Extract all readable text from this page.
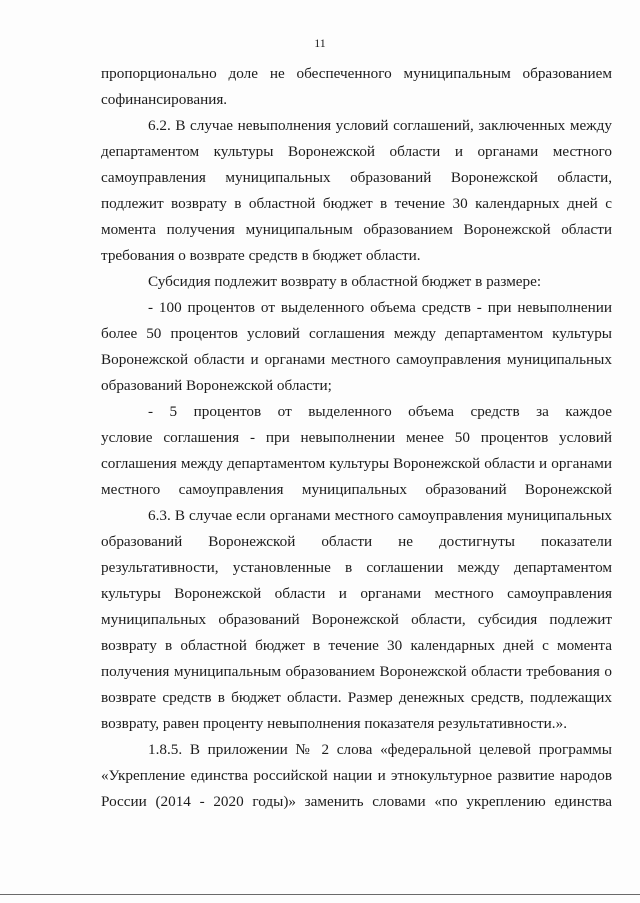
11
пропорционально доле не обеспеченного муниципальным образованием
софинансирования.
6.2. В случае невыполнения условий соглашений, заключенных между
департаментом культуры Воронежской области и органами местного
самоуправления муниципальных образований Воронежской области,
подлежит возврату в областной бюджет в течение 30 календарных дней с
момента получения муниципальным образованием Воронежской области
требования о возврате средств в бюджет области.
Субсидия подлежит возврату в областной бюджет в размере:
- 100 процентов от выделенного объема средств - при невыполнении
более 50 процентов условий соглашения между департаментом культуры
Воронежской области и органами местного самоуправления муниципальных
образований Воронежской области;
- 5 процентов от выделенного объема средств за каждое
условие соглашения - при невыполнении менее 50 процентов условий
соглашения между департаментом культуры Воронежской области и органами
местного самоуправления муниципальных образований Воронежской
6.3. В случае если органами местного самоуправления муниципальных
образований Воронежской области не достигнуты показатели
результативности, установленные в соглашении между департаментом
культуры Воронежской области и органами местного самоуправления
муниципальных образований Воронежской области, субсидия подлежит
возврату в областной бюджет в течение 30 календарных дней с момента
получения муниципальным образованием Воронежской области требования о
возврате средств в бюджет области. Размер денежных средств, подлежащих
возврату, равен проценту невыполнения показателя результативности.».
1.8.5. В приложении № 2 слова «федеральной целевой программы
«Укрепление единства российской нации и этнокультурное развитие народов
России (2014 - 2020 годы)» заменить словами «по укреплению единства
